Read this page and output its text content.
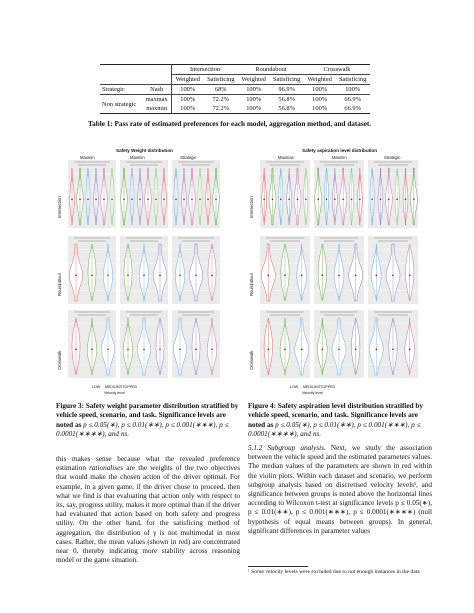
		Intersection		Roundabout		Crosswalk	
		Weighted	Satisficing	Weighted	Satisficing	Weighted	Satisficing
Strategic	Nash	100%	68%	100%	96.9%	100%	100%
Non strategic	maxmax	100%	72.2%	100%	56.8%	100%	66.9%
	maxmin	100%	72.2%	100%	56.8%	100%	66.9%
Table 1: Pass rate of estimated preferences for each model, aggregation method, and dataset.
Safety Weight distribution
Maxmin	Maxmin	Strategic
Intersection
Roundabout
Crosswalk
LOW MEDIUM STOPPED
Velocity level
Figure 3: Safety weight parameter distribution stratified by vehicle speed, scenario, and task. Significance levels are noted as p ≤ 0.05(∗), p ≤ 0.01(∗∗), p ≤ 0.001(∗∗∗), p ≤ 0.0001(∗∗∗∗), and ns.
Safety aspiration level distribution
Maxmax	Maxmin	Strategic
Intersection
Roundabout
Crosswalk
LOW MEDIUM STOPPED
Velocity level
Figure 4: Safety aspiration level distribution stratified by vehicle speed, scenario, and task. Significance levels are noted as p ≤ 0.05(∗), p ≤ 0.01(∗∗), p ≤ 0.001(∗∗∗), p ≤ 0.0001(∗∗∗∗), and ns.
this makes sense because what the revealed preference estimation rationalises are the weights of the two objectives that would make the chosen action of the driver optimal. For example, in a given game, if the driver chose to proceed, then what we find is that evaluating that action only with respect to its, say, progress utility, makes it more optimal than if the driver had evaluated that action based on both safety and progress utility. On the other hand, for the satisficing method of aggregation, the distribution of γ is not multimodal in most cases. Rather, the mean values (shown in red) are concentrated near 0, thereby indicating more stability across reasoning model or the game situation.
5.1.2 Subgroup analysis. Next, we study the association between the vehicle speed and the estimated parameters values. The median values of the parameters are shown in red within the violin plots. Within each dataset and scenario, we perform subgroup analysis based on discretised velocity levels¹, and significance between groups is noted above the horizontal lines according to Wilcoxon t-test at significance levels p ≤ 0.05(∗), p ≤ 0.01(∗∗), p ≤ 0.001(∗∗∗), p ≤ 0.0001(∗∗∗∗) (null hypothesis of equal means between groups). In general, significant differences in parameter values
¹ Some velocity levels were excluded due to not enough instances in the data
